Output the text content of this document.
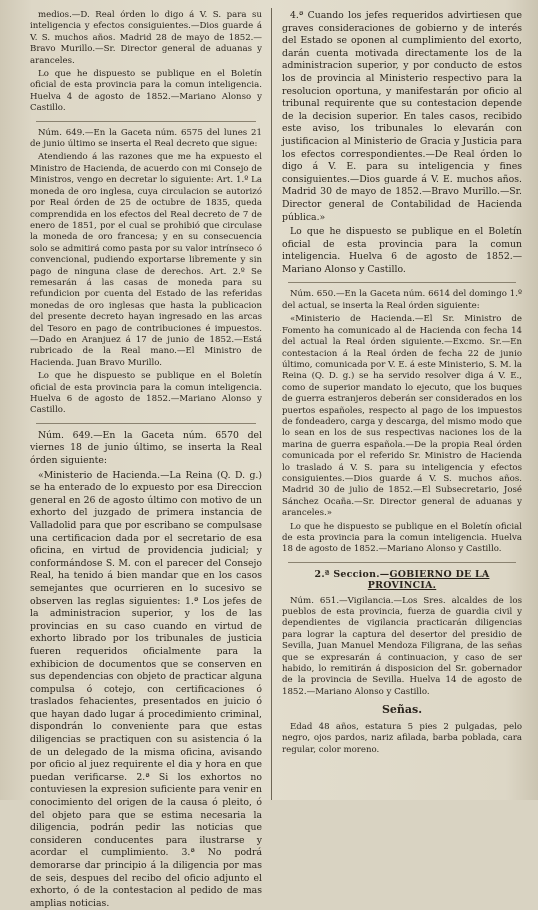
medios.—D. Real órden lo digo á V. S. para su inteligencia y efectos consiguientes.—Dios guarde á V. S. muchos años. Madrid 28 de mayo de 1852.—Bravo Murillo.—Sr. Director general de aduanas y aranceles.

Lo que he dispuesto se publique en el Boletín oficial de esta provincia para la comun inteligencia. Huelva 4 de agosto de 1852.—Mariano Alonso y Castillo.

Núm. 649.—En la Gaceta núm. 6575 del lunes 21 de junio último se inserta el Real decreto que sigue:

Atendiendo á las razones que me ha expuesto el Ministro de Hacienda, de acuerdo con mi Consejo de Ministros, vengo en decretar lo siguiente: Art. 1.º La moneda de oro inglesa, cuya circulacion se autorizó por Real órden de 25 de octubre de 1835, queda comprendida en los efectos del Real decreto de 7 de enero de 1851, por el cual se prohibió que circulase la moneda de oro francesa; y en su consecuencia solo se admitirá como pasta por su valor intrínseco ó convencional, pudiendo exportarse libremente y sin pago de ninguna clase de derechos. Art. 2.º Se remesarán á las casas de moneda para su refundicion por cuenta del Estado de las referidas monedas de oro inglesas que hasta la publicacion del presente decreto hayan ingresado en las arcas del Tesoro en pago de contribuciones é impuestos. —Dado en Aranjuez á 17 de junio de 1852.—Está rubricado de la Real mano.—El Ministro de Hacienda. Juan Bravo Murillo.

Lo que he dispuesto se publique en el Boletín oficial de esta provincia para la comun inteligencia. Huelva 6 de agosto de 1852.—Mariano Alonso y Castillo.

Núm. 649.—En la Gaceta núm. 6570 del viernes 18 de junio último, se inserta la Real órden siguiente:

«Ministerio de Hacienda.—La Reina (Q. D. g.) se ha enterado de lo expuesto por esa Direccion general en 26 de agosto último con motivo de un exhorto del juzgado de primera instancia de Valladolid para que por escribano se compulsase una certificacion dada por el secretario de esa oficina, en virtud de providencia judicial; y conformándose S. M. con el parecer del Consejo Real, ha tenido á bien mandar que en los casos semejantes que ocurrieren en lo sucesivo se observen las reglas siguientes: 1.ª Los jefes de la administracion superior, y los de las provincias en su caso cuando en virtud de exhorto librado por los tribunales de justicia fueren requeridos oficialmente para la exhibicion de documentos que se conserven en sus dependencias con objeto de practicar alguna compulsa ó cotejo, con certificaciones ó traslados fehacientes, presentados en juicio ó que hayan dado lugar á procedimiento criminal, dispondrán lo conveniente para que estas diligencias se practiquen con su asistencia ó la de un delegado de la misma oficina, avisando por oficio al juez requirente el dia y hora en que puedan verificarse. 2.ª Si los exhortos no contuviesen la expresion suficiente para venir en conocimiento del origen de la causa ó pleito, ó del objeto para que se estima necesaria la diligencia, podrán pedir las noticias que consideren conducentes para ilustrarse y acordar el cumplimiento. 3.ª No podrá demorarse dar principio á la diligencia por mas de seis, despues del recibo del oficio adjunto el exhorto, ó de la contestacion al pedido de mas amplias noticias.

4.ª Cuando los jefes requeridos advirtiesen que graves consideraciones de gobierno y de interés del Estado se oponen al cumplimiento del exorto, darán cuenta motivada directamente los de la administracion superior, y por conducto de estos los de provincia al Ministerio respectivo para la resolucion oportuna, y manifestarán por oficio al tribunal requirente que su contestacion depende de la decision superior. En tales casos, recibido este aviso, los tribunales lo elevarán con justificacion al Ministerio de Gracia y Justicia para los efectos correspondientes.—De Real órden lo digo á V. E. para su inteligencia y fines consiguientes.—Dios guarde á V. E. muchos años. Madrid 30 de mayo de 1852.—Bravo Murillo.—Sr. Director general de Contabilidad de Hacienda pública.»

Lo que he dispuesto se publique en el Boletín oficial de esta provincia para la comun inteligencia. Huelva 6 de agosto de 1852.—Mariano Alonso y Castillo.

Núm. 650.—En la Gaceta núm. 6614 del domingo 1.º del actual, se inserta la Real órden siguiente:

«Ministerio de Hacienda.—El Sr. Ministro de Fomento ha comunicado al de Hacienda con fecha 14 del actual la Real órden siguiente.—Excmo. Sr.—En contestacion á la Real órden de fecha 22 de junio último, comunicada por V. E. á este Ministerio, S. M. la Reina (Q. D. g.) se ha servido resolver diga á V. E., como de superior mandato lo ejecuto, que los buques de guerra estranjeros deberán ser considerados en los puertos españoles, respecto al pago de los impuestos de fondeadero, carga y descarga, del mismo modo que lo sean en los de sus respectivas naciones los de la marina de guerra española.—De la propia Real órden comunicada por el referido Sr. Ministro de Hacienda lo traslado á V. S. para su inteligencia y efectos consiguientes.—Dios guarde á V. S. muchos años. Madrid 30 de julio de 1852.—El Subsecretario, José Sánchez Ocaña.—Sr. Director general de aduanas y aranceles.»

Lo que he dispuesto se publique en el Boletín oficial de esta provincia para la comun inteligencia. Huelva 18 de agosto de 1852.—Mariano Alonso y Castillo.

2.ª Seccion.—GOBIERNO DE LA PROVINCIA.

Núm. 651.—Vigilancia.—Los Sres. alcaldes de los pueblos de esta provincia, fuerza de guardia civil y dependientes de vigilancia practicarán diligencias para lograr la captura del desertor del presidio de Sevilla, Juan Manuel Mendoza Filigrana, de las señas que se expresarán á continuacion, y caso de ser habido, lo remitirán á disposicion del Sr. gobernador de la provincia de Sevilla. Huelva 14 de agosto de 1852.—Mariano Alonso y Castillo.

Señas.

Edad 48 años, estatura 5 pies 2 pulgadas, pelo negro, ojos pardos, nariz afilada, barba poblada, cara regular, color moreno.
